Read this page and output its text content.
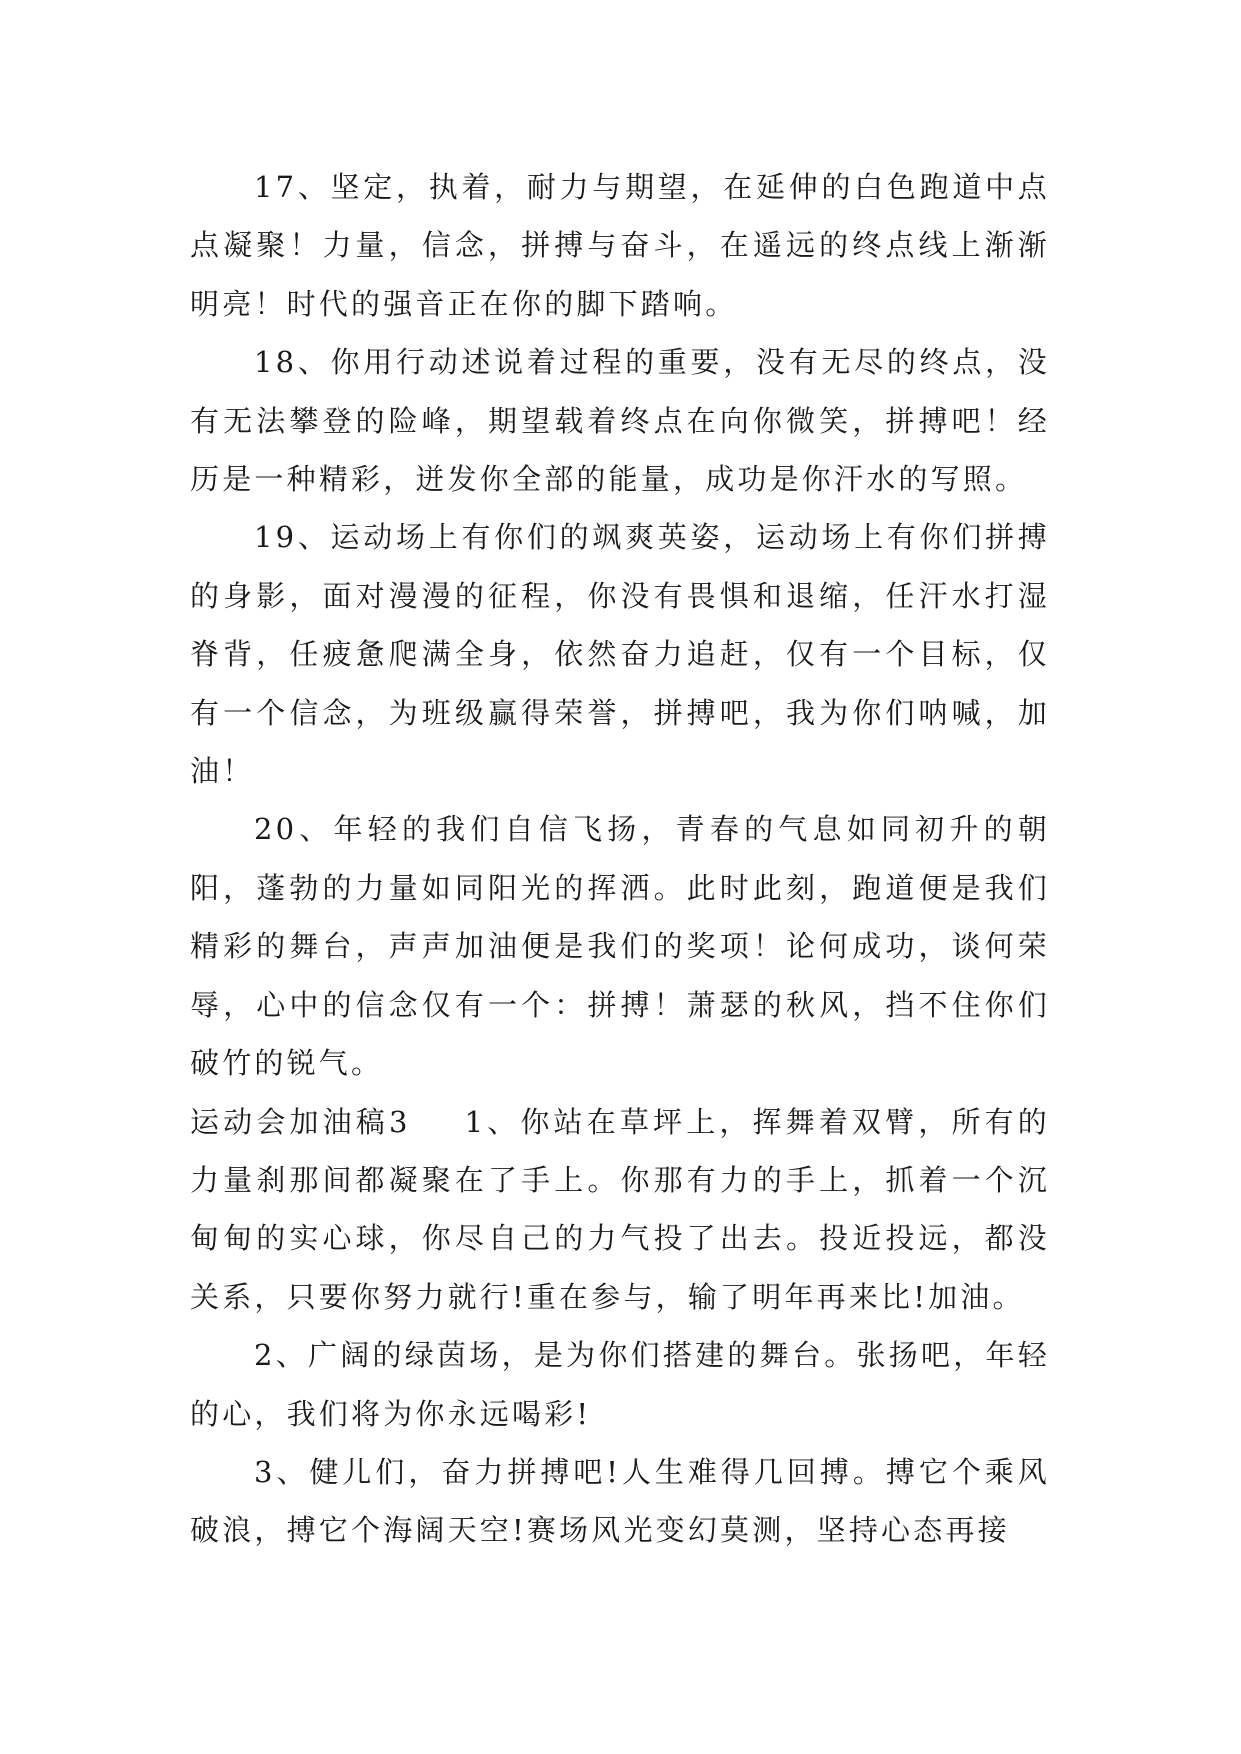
17、坚定，执着，耐力与期望，在延伸的白色跑道中点点凝聚！力量，信念，拼搏与奋斗，在遥远的终点线上渐渐明亮！时代的强音正在你的脚下踏响。

18、你用行动述说着过程的重要，没有无尽的终点，没有无法攀登的险峰，期望载着终点在向你微笑，拼搏吧！经历是一种精彩，迸发你全部的能量，成功是你汗水的写照。

19、运动场上有你们的飒爽英姿，运动场上有你们拼搏的身影，面对漫漫的征程，你没有畏惧和退缩，任汗水打湿脊背，任疲惫爬满全身，依然奋力追赶，仅有一个目标，仅有一个信念，为班级赢得荣誉，拼搏吧，我为你们呐喊，加油！

20、年轻的我们自信飞扬，青春的气息如同初升的朝阳，蓬勃的力量如同阳光的挥洒。此时此刻，跑道便是我们精彩的舞台，声声加油便是我们的奖项！论何成功，谈何荣辱，心中的信念仅有一个：拼搏！萧瑟的秋风，挡不住你们破竹的锐气。

运动会加油稿3 1、你站在草坪上，挥舞着双臂，所有的力量刹那间都凝聚在了手上。你那有力的手上，抓着一个沉甸甸的实心球，你尽自己的力气投了出去。投近投远，都没关系，只要你努力就行!重在参与，输了明年再来比!加油。

2、广阔的绿茵场，是为你们搭建的舞台。张扬吧，年轻的心，我们将为你永远喝彩!

3、健儿们，奋力拼搏吧!人生难得几回搏。搏它个乘风破浪，搏它个海阔天空!赛场风光变幻莫测，坚持心态再接
